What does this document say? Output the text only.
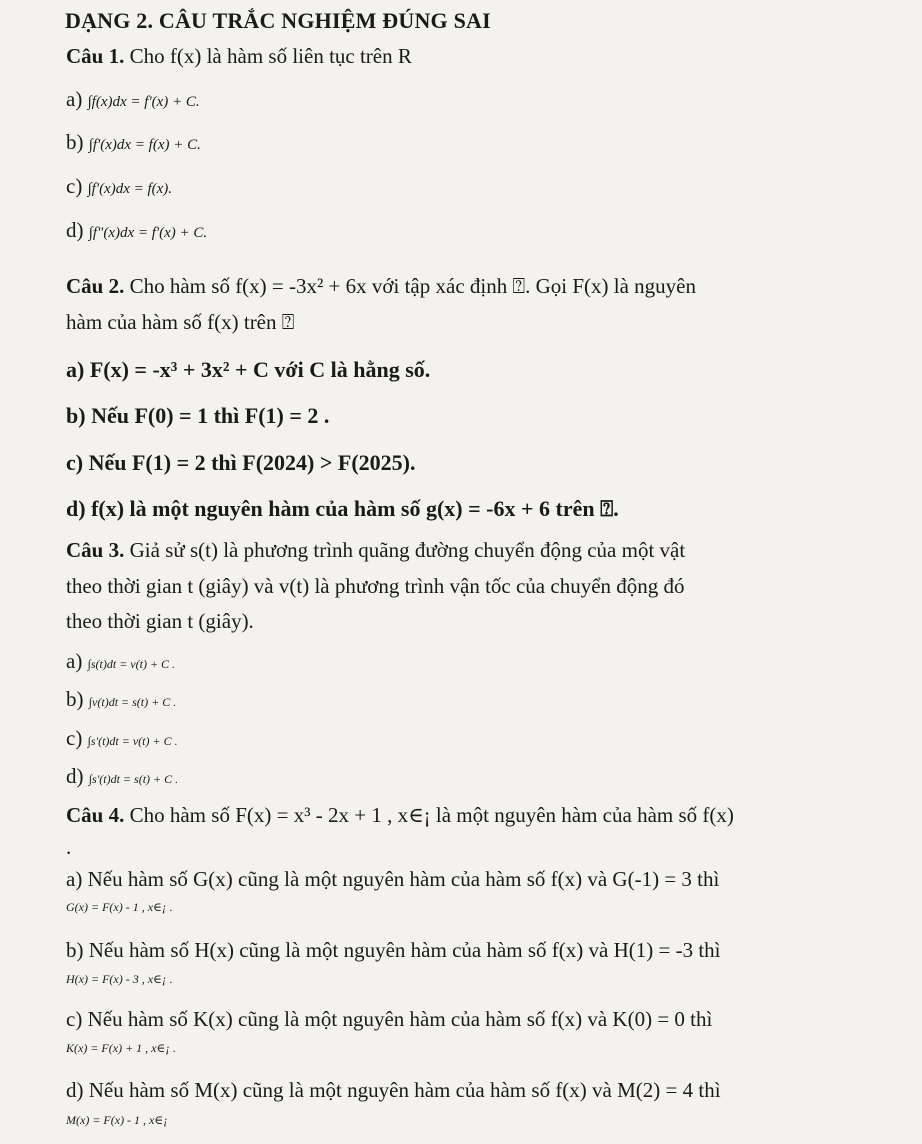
DẠNG 2. CÂU TRẮC NGHIỆM ĐÚNG SAI
Câu 1. Cho f(x) là hàm số liên tục trên R
a) ∫f(x)dx = f'(x) + C.
b) ∫f'(x)dx = f(x) + C.
c) ∫f'(x)dx = f(x).
d) ∫f"(x)dx = f'(x) + C.
Câu 2. Cho hàm số f(x) = -3x² + 6x với tập xác định ⍰. Gọi F(x) là nguyên
hàm của hàm số f(x) trên ⍰
a) F(x) = -x³ + 3x² + C với C là hằng số.
b) Nếu F(0) = 1 thì F(1) = 2 .
c) Nếu F(1) = 2 thì F(2024) > F(2025).
d) f(x) là một nguyên hàm của hàm số g(x) = -6x + 6 trên ⍰.
Câu 3. Giả sử s(t) là phương trình quãng đường chuyển động của một vật
theo thời gian t (giây) và v(t) là phương trình vận tốc của chuyển động đó
theo thời gian t (giây).
a) ∫s(t)dt = v(t) + C .
b) ∫v(t)dt = s(t) + C .
c) ∫s'(t)dt = v(t) + C .
d) ∫s'(t)dt = s(t) + C .
Câu 4. Cho hàm số F(x) = x³ - 2x + 1 , x∈¡ là một nguyên hàm của hàm số f(x)
.
a) Nếu hàm số G(x) cũng là một nguyên hàm của hàm số f(x) và G(-1) = 3 thì
G(x) = F(x) - 1 , x∈¡ .
b) Nếu hàm số H(x) cũng là một nguyên hàm của hàm số f(x) và H(1) = -3 thì
H(x) = F(x) - 3 , x∈¡ .
c) Nếu hàm số K(x) cũng là một nguyên hàm của hàm số f(x) và K(0) = 0 thì
K(x) = F(x) + 1 , x∈¡ .
d) Nếu hàm số M(x) cũng là một nguyên hàm của hàm số f(x) và M(2) = 4 thì
M(x) = F(x) - 1 , x∈¡
